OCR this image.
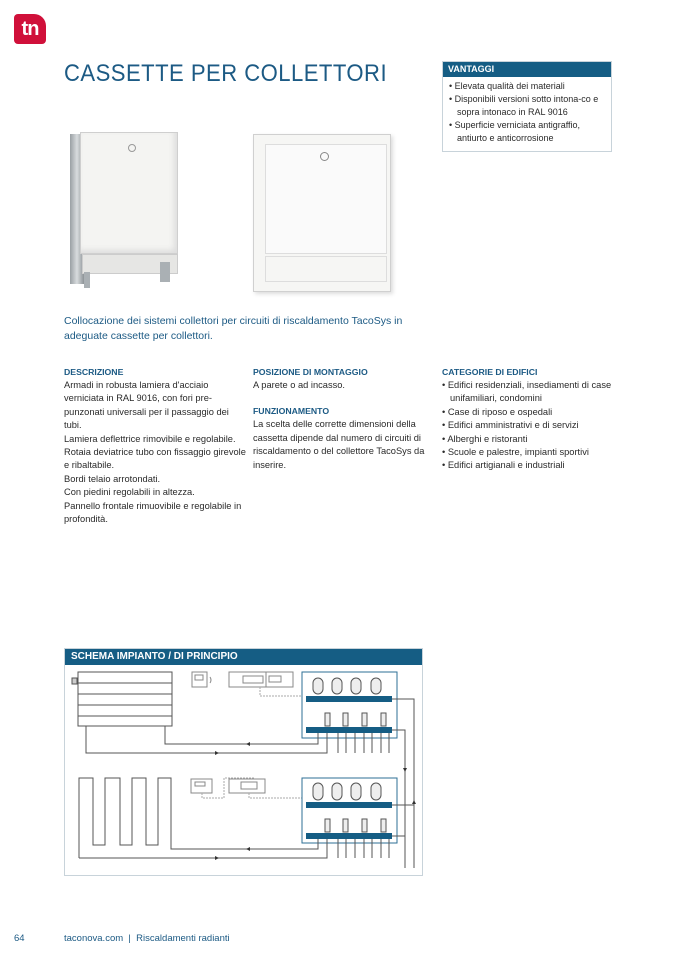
tn
CASSETTE PER COLLETTORI	VANTAGGI
• Elevata qualità dei materiali
• Disponibili versioni sotto intona-co e sopra intonaco in RAL 9016
• Superficie verniciata antigraffio, antiurto e anticorrosione
Collocazione dei sistemi collettori per circuiti di riscaldamento TacoSys in adeguate cassette per collettori.
DESCRIZIONE

Armadi in robusta lamiera d'acciaio verniciata in RAL 9016, con fori pre-punzonati universali per il passaggio dei tubi.

Lamiera deflettrice rimovibile e regolabile. Rotaia deviatrice tubo con fissaggio girevole e ribaltabile.

Bordi telaio arrotondati.

Con piedini regolabili in altezza.

Pannello frontale rimuovibile e regolabile in profondità.

POSIZIONE DI MONTAGGIO

A parete o ad incasso.

FUNZIONAMENTO

La scelta delle corrette dimensioni della cassetta dipende dal numero di circuiti di riscaldamento o del collettore TacoSys da inserire.

CATEGORIE DI EDIFICI
• Edifici residenziali, insediamenti di case unifamiliari, condomini
• Case di riposo e ospedali
• Edifici amministrativi e di servizi
• Alberghi e ristoranti
• Scuole e palestre, impianti sportivi
• Edifici artigianali e industriali
SCHEMA IMPIANTO / DI PRINCIPIO
64	taconova.com  |  Riscaldamenti radianti
